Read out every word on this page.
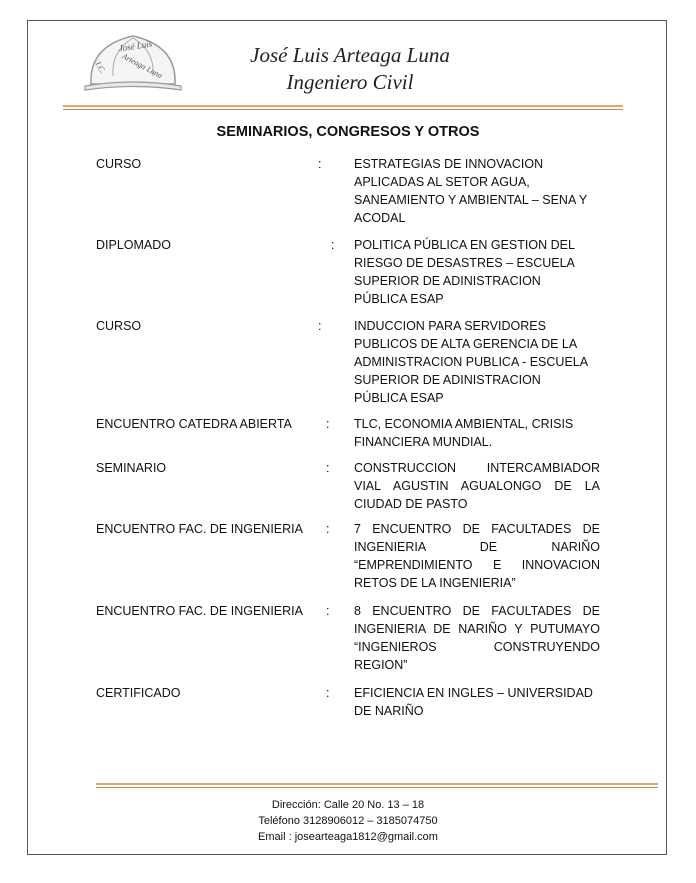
José Luis
I.C. Arteaga Luna	José Luis Arteaga Luna
Ingeniero Civil
SEMINARIOS, CONGRESOS Y OTROS
CURSO	:	ESTRATEGIAS DE INNOVACION
APLICADAS AL SETOR AGUA,
SANEAMIENTO Y AMBIENTAL – SENA Y
ACODAL
DIPLOMADO	: POLITICA PÚBLICA EN GESTION DEL
RIESGO DE DESASTRES – ESCUELA
SUPERIOR DE ADINISTRACION
PÚBLICA ESAP
CURSO	:	INDUCCION PARA SERVIDORES
PUBLICOS DE ALTA GERENCIA DE LA
ADMINISTRACION PUBLICA - ESCUELA
SUPERIOR DE ADINISTRACION
PÚBLICA ESAP
ENCUENTRO CATEDRA ABIERTA	: TLC, ECONOMIA AMBIENTAL, CRISIS
FINANCIERA MUNDIAL.
SEMINARIO	: CONSTRUCCION INTERCAMBIADOR
VIAL AGUSTIN AGUALONGO DE LA
CIUDAD DE PASTO
ENCUENTRO FAC. DE INGENIERIA : 7 ENCUENTRO DE FACULTADES DE
INGENIERIA DE NARIÑO
“EMPRENDIMIENTO E INNOVACION
RETOS DE LA INGENIERIA”
ENCUENTRO FAC. DE INGENIERIA : 8 ENCUENTRO DE FACULTADES DE
INGENIERIA DE NARIÑO Y PUTUMAYO
“INGENIEROS CONSTRUYENDO
REGION”
CERTIFICADO	: EFICIENCIA EN INGLES – UNIVERSIDAD
DE NARIÑO
Dirección: Calle 20 No. 13 – 18
Teléfono 3128906012 – 3185074750
Email : josearteaga1812@gmail.com
